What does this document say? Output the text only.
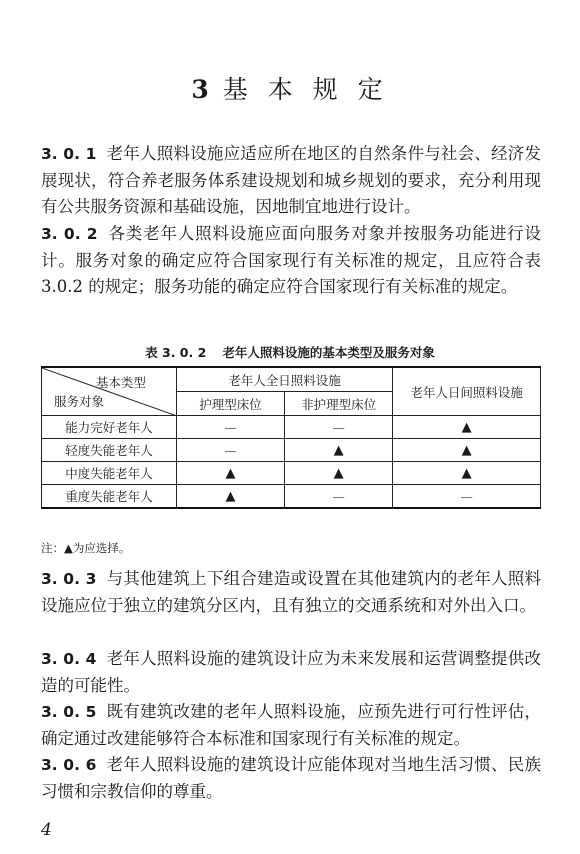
3 基 本 规 定
3. 0. 1 老年人照料设施应适应所在地区的自然条件与社会、经济发展现状，符合养老服务体系建设规划和城乡规划的要求，充分利用现有公共服务资源和基础设施，因地制宜地进行设计。
3. 0. 2 各类老年人照料设施应面向服务对象并按服务功能进行设计。服务对象的确定应符合国家现行有关标准的规定，且应符合表 3.0.2 的规定；服务功能的确定应符合国家现行有关标准的规定。
表 3. 0. 2 老年人照料设施的基本类型及服务对象
基本类型
服务对象	老年人全日照料设施		老年人日间照料设施
	护理型床位	非护理型床位	
能力完好老年人	—	—	▲
轻度失能老年人	—	▲	▲
中度失能老年人	▲	▲	▲
重度失能老年人	▲	—	—
注：▲为应选择。
3. 0. 3 与其他建筑上下组合建造或设置在其他建筑内的老年人照料设施应位于独立的建筑分区内，且有独立的交通系统和对外出入口。
3. 0. 4 老年人照料设施的建筑设计应为未来发展和运营调整提供改造的可能性。
3. 0. 5 既有建筑改建的老年人照料设施，应预先进行可行性评估，确定通过改建能够符合本标准和国家现行有关标准的规定。
3. 0. 6 老年人照料设施的建筑设计应能体现对当地生活习惯、民族习惯和宗教信仰的尊重。
4
